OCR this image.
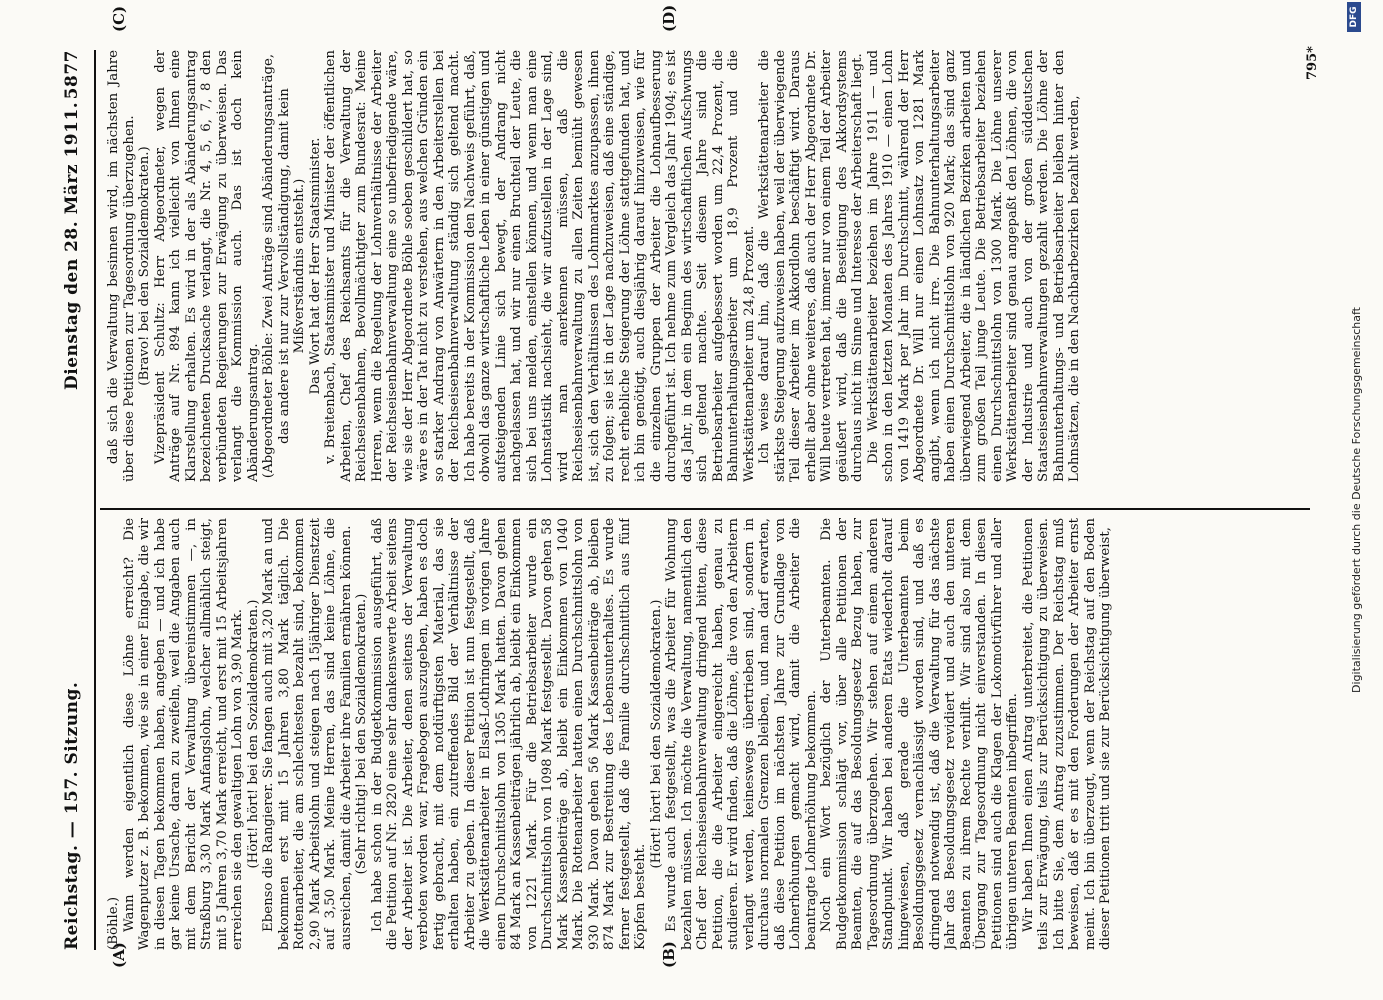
Reichstag. — 157. Sitzung.
Dienstag den 28. März 1911.
5877
(A)	(B)
(C)	(D)

(Böhle.) Wann werden eigentlich diese Löhne erreicht? Die Wagenputzer z. B. bekommen, wie sie in einer Eingabe, die wir in diesen Tagen bekommen haben, angeben — und ich habe gar keine Ursache, daran zu zweifeln, weil die Angaben auch mit dem Bericht der Verwaltung übereinstimmen —, in Straßburg 3,30 Mark Anfangslohn, welcher allmählich steigt, mit 5 Jahren 3,70 Mark erreicht, und erst mit 15 Arbeitsjahren erreichen sie den gewaltigen Lohn von 3,90 Mark. (Hört! hört! bei den Sozialdemokraten.) Ebenso die Rangierer. Sie fangen auch mit 3,20 Mark an und bekommen erst mit 15 Jahren 3,80 Mark täglich. Die Rottenarbeiter, die am schlechtesten bezahlt sind, bekommen 2,90 Mark Arbeitslohn und steigen nach 15jähriger Dienstzeit auf 3,50 Mark. Meine Herren, das sind keine Löhne, die ausreichen, damit die Arbeiter ihre Familien ernähren können. (Sehr richtig! bei den Sozialdemokraten.) Ich habe schon in der Budgetkommission ausgeführt, daß die Petition auf Nr. 2820 eine sehr dankenswerte Arbeit seitens der Arbeiter ist. Die Arbeiter, denen seitens der Verwaltung verboten worden war, Fragebogen auszugeben, haben es doch fertig gebracht, mit dem notdürftigsten Material, das sie erhalten haben, ein zutreffendes Bild der Verhältnisse der Arbeiter zu geben. In dieser Petition ist nun festgestellt, daß die Werkstättenarbeiter in Elsaß-Lothringen im vorigen Jahre einen Durchschnittslohn von 1305 Mark hatten. Davon gehen 84 Mark an Kassenbeiträgen jährlich ab, bleibt ein Einkommen von 1221 Mark. Für die Betriebsarbeiter wurde ein Durchschnittslohn von 1098 Mark festgestellt. Davon gehen 58 Mark Kassenbeiträge ab, bleibt ein Einkommen von 1040 Mark. Die Rottenarbeiter hatten einen Durchschnittslohn von 930 Mark. Davon gehen 56 Mark Kassenbeiträge ab, bleiben 874 Mark zur Bestreitung des Lebensunterhaltes. Es wurde ferner festgestellt, daß die Familie durchschnittlich aus fünf Köpfen besteht.

(Hört! hört! bei den Sozialdemokraten.) Es wurde auch festgestellt, was die Arbeiter für Wohnung bezahlen müssen. Ich möchte die Verwaltung, namentlich den Chef der Reichseisenbahnverwaltung dringend bitten, diese Petition, die die Arbeiter eingereicht haben, genau zu studieren. Er wird finden, daß die Löhne, die von den Arbeitern verlangt werden, keineswegs übertrieben sind, sondern in durchaus normalen Grenzen bleiben, und man darf erwarten, daß diese Petition im nächsten Jahre zur Grundlage von Lohnerhöhungen gemacht wird, damit die Arbeiter die beantragte Lohnerhöhung bekommen. Noch ein Wort bezüglich der Unterbeamten. Die Budgetkommission schlägt vor, über alle Petitionen der Beamten, die auf das Besoldungsgesetz Bezug haben, zur Tagesordnung überzugehen. Wir stehen auf einem anderen Standpunkt. Wir haben bei anderen Etats wiederholt darauf hingewiesen, daß gerade die Unterbeamten beim Besoldungsgesetz vernachlässigt worden sind, und daß es dringend notwendig ist, daß die Verwaltung für das nächste Jahr das Besoldungsgesetz revidiert und auch den unteren Beamten zu ihrem Rechte verhilft. Wir sind also mit dem Übergang zur Tagesordnung nicht einverstanden. In diesen Petitionen sind auch die Klagen der Lokomotivführer und aller übrigen unteren Beamten inbegriffen. Wir haben Ihnen einen Antrag unterbreitet, die Petitionen teils zur Erwägung, teils zur Berücksichtigung zu überweisen. Ich bitte Sie, dem Antrag zuzustimmen. Der Reichstag muß beweisen, daß er es mit den Forderungen der Arbeiter ernst meint. Ich bin überzeugt, wenn der Reichstag auf den Boden dieser Petitionen tritt und sie zur Berücksichtigung überweist,

daß sich die Verwaltung besinnen wird, im nächsten Jahre über diese Petitionen zur Tagesordnung überzugehen. (Bravo! bei den Sozialdemokraten.) Vizepräsident Schultz: Herr Abgeordneter, wegen der Anträge auf Nr. 894 kann ich vielleicht von Ihnen eine Klarstellung erhalten. Es wird in der als Abänderungsantrag bezeichneten Drucksache verlangt, die Nr. 4, 5, 6, 7, 8 den verbündeten Regierungen zur Erwägung zu überweisen. Das verlangt die Kommission auch. Das ist doch kein Abänderungsantrag. (Abgeordneter Böhle: Zwei Anträge sind Abänderungsanträge, das andere ist nur zur Vervollständigung, damit kein Mißverständnis entsteht.) Das Wort hat der Herr Staatsminister. v. Breitenbach, Staatsminister und Minister der öffentlichen Arbeiten, Chef des Reichsamts für die Verwaltung der Reichseisenbahnen, Bevollmächtigter zum Bundesrat: Meine Herren, wenn die Regelung der Lohnverhältnisse der Arbeiter der Reichseisenbahnverwaltung eine so unbefriedigende wäre, wie sie der Herr Abgeordnete Böhle soeben geschildert hat, so wäre es in der Tat nicht zu verstehen, aus welchen Gründen ein so starker Andrang von Anwärtern in den Arbeiterstellen bei der Reichseisenbahnverwaltung ständig sich geltend macht. Ich habe bereits in der Kommission den Nachweis geführt, daß, obwohl das ganze wirtschaftliche Leben in einer günstigen und aufsteigenden Linie sich bewegt, der Andrang nicht nachgelassen hat, und wir nur einen Bruchteil der Leute, die sich bei uns melden, einstellen können, und wenn man eine Lohnstatistik nachsieht, die wir aufzustellen in der Lage sind, wird man anerkennen müssen, daß die Reichseisenbahnverwaltung zu allen Zeiten bemüht gewesen ist, sich den Verhältnissen des Lohnmarktes anzupassen, ihnen zu folgen; sie ist in der Lage nachzuweisen, daß eine ständige, recht erhebliche Steigerung der Löhne stattgefunden hat, und ich bin genötigt, auch diesjährig darauf hinzuweisen, wie für die einzelnen Gruppen der Arbeiter die Lohnaufbesserung durchgeführt ist. Ich nehme zum Vergleich das Jahr 1904; es ist das Jahr, in dem ein Beginn des wirtschaftlichen Aufschwungs sich geltend machte. Seit diesem Jahre sind die Betriebsarbeiter aufgebessert worden um 22,4 Prozent, die Bahnunterhaltungsarbeiter um 18,9 Prozent und die Werkstättenarbeiter um 24,8 Prozent. Ich weise darauf hin, daß die Werkstättenarbeiter die stärkste Steigerung aufzuweisen haben, weil der überwiegende Teil dieser Arbeiter im Akkordlohn beschäftigt wird. Daraus erhellt aber ohne weiteres, daß auch der Herr Abgeordnete Dr. Will heute vertreten hat, immer nur von einem Teil der Arbeiter geäußert wird, daß die Beseitigung des Akkordsystems durchaus nicht im Sinne und Interesse der Arbeiterschaft liegt. Die Werkstättenarbeiter beziehen im Jahre 1911 — und schon in den letzten Monaten des Jahres 1910 — einen Lohn von 1419 Mark per Jahr im Durchschnitt, während der Herr Abgeordnete Dr. Will nur einen Lohnsatz von 1281 Mark angibt, wenn ich nicht irre. Die Bahnunterhaltungsarbeiter haben einen Durchschnittslohn von 920 Mark; das sind ganz überwiegend Arbeiter, die in ländlichen Bezirken arbeiten und zum großen Teil junge Leute. Die Betriebsarbeiter beziehen einen Durchschnittslohn von 1300 Mark. Die Löhne unserer Werkstättenarbeiter sind genau angepaßt den Löhnen, die von der Industrie und auch von der großen süddeutschen Staatseisenbahnverwaltungen gezahlt werden. Die Löhne der Bahnunterhaltungs- und Betriebsarbeiter bleiben hinter den Lohnsätzen, die in den Nachbarbezirken bezahlt werden,

795*
Digitalisierung gefördert durch die Deutsche Forschungsgemeinschaft
DFG
